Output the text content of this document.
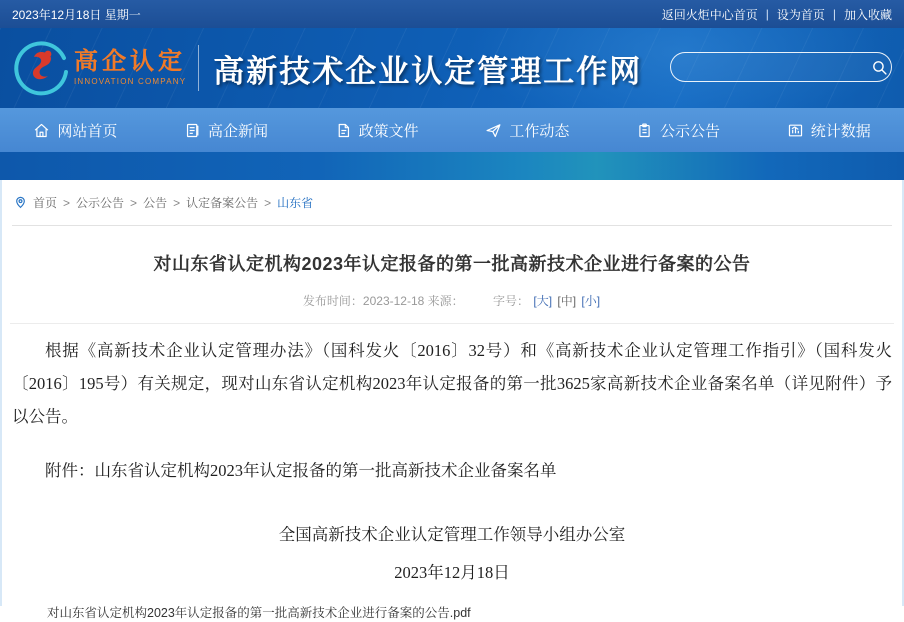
2023年12月18日 星期一	返回火炬中心首页 | 设为首页 | 加入收藏
高企认定
INNOVATION COMPANY 高新技术企业认定管理工作网
网站首页	高企新闻	政策文件	工作动态	公示公告	统计数据
首页 > 公示公告 > 公告 > 认定备案公告 > 山东省
对山东省认定机构2023年认定报备的第一批高新技术企业进行备案的公告
发布时间：2023-12-18 来源： 字号： [大] [中] [小]

根据《高新技术企业认定管理办法》（国科发火〔2016〕32号）和《高新技术企业认定管理工作指引》（国科发火〔2016〕195号）有关规定，现对山东省认定机构2023年认定报备的第一批3625家高新技术企业备案名单（详见附件）予以公告。

附件：山东省认定机构2023年认定报备的第一批高新技术企业备案名单

全国高新技术企业认定管理工作领导小组办公室
2023年12月18日
对山东省认定机构2023年认定报备的第一批高新技术企业进行备案的公告.pdf
